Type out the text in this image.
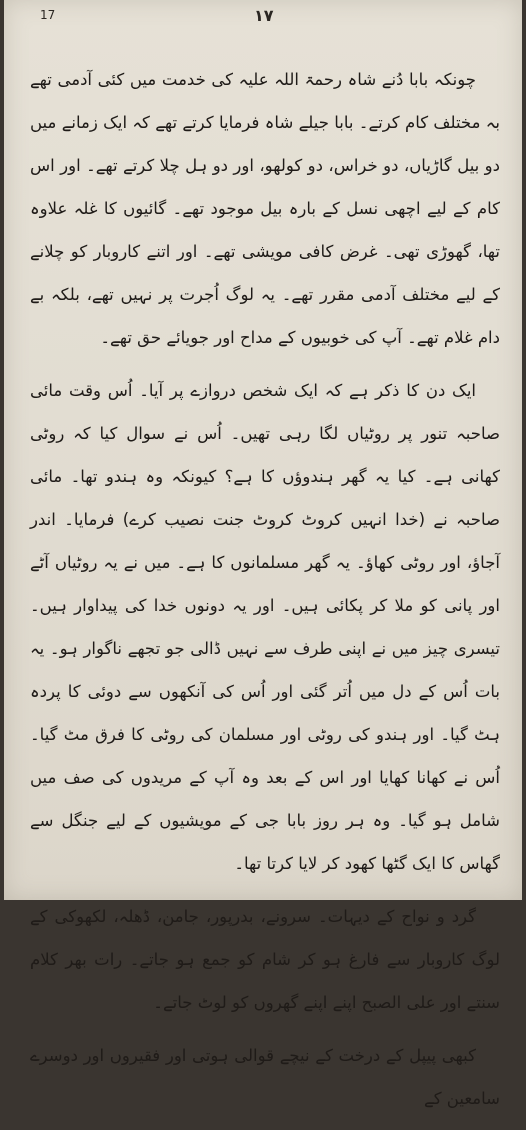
17	١٧

چونکہ بابا دُنے شاہ رحمۃ اللہ علیہ کی خدمت میں کئی آدمی تھے بہ مختلف کام کرتے۔ بابا جیلے شاہ فرمایا کرتے تھے کہ ایک زمانے میں دو بیل گاڑیاں، دو خراس، دو کولھو، اور دو ہل چلا کرتے تھے۔ اور اس کام کے لیے اچھی نسل کے بارہ بیل موجود تھے۔ گائیوں کا غلہ علاوہ تھا، گھوڑی تھی۔ غرض کافی مویشی تھے۔ اور اتنے کاروبار کو چلانے کے لیے مختلف آدمی مقرر تھے۔ یہ لوگ اُجرت پر نہیں تھے، بلکہ بے دام غلام تھے۔ آپ کی خوبیوں کے مداح اور جویائے حق تھے۔

ایک دن کا ذکر ہے کہ ایک شخص دروازے پر آیا۔ اُس وقت مائی صاحبہ تنور پر روٹیاں لگا رہی تھیں۔ اُس نے سوال کیا کہ روٹی کھانی ہے۔ کیا یہ گھر ہندوؤں کا ہے؟ کیونکہ وہ ہندو تھا۔ مائی صاحبہ نے (خدا انہیں کروٹ کروٹ جنت نصیب کرے) فرمایا۔ اندر آجاؤ، اور روٹی کھاؤ۔ یہ گھر مسلمانوں کا ہے۔ میں نے یہ روٹیاں آٹے اور پانی کو ملا کر پکائی ہیں۔ اور یہ دونوں خدا کی پیداوار ہیں۔ تیسری چیز میں نے اپنی طرف سے نہیں ڈالی جو تجھے ناگوار ہو۔ یہ بات اُس کے دل میں اُتر گئی اور اُس کی آنکھوں سے دوئی کا پردہ ہٹ گیا۔ اور ہندو کی روٹی اور مسلمان کی روٹی کا فرق مٹ گیا۔ اُس نے کھانا کھایا اور اس کے بعد وہ آپ کے مریدوں کی صف میں شامل ہو گیا۔ وہ ہر روز بابا جی کے مویشیوں کے لیے جنگل سے گھاس کا ایک گٹھا کھود کر لایا کرتا تھا۔

گرد و نواح کے دیہات۔ سرونے، بدرپور، جامن، ڈھلہ، لکھوکی کے لوگ کاروبار سے فارغ ہو کر شام کو جمع ہو جاتے۔ رات بھر کلام سنتے اور علی الصبح اپنے اپنے گھروں کو لوٹ جاتے۔

کبھی پیپل کے درخت کے نیچے قوالی ہوتی اور فقیروں اور دوسرے سامعین کے
